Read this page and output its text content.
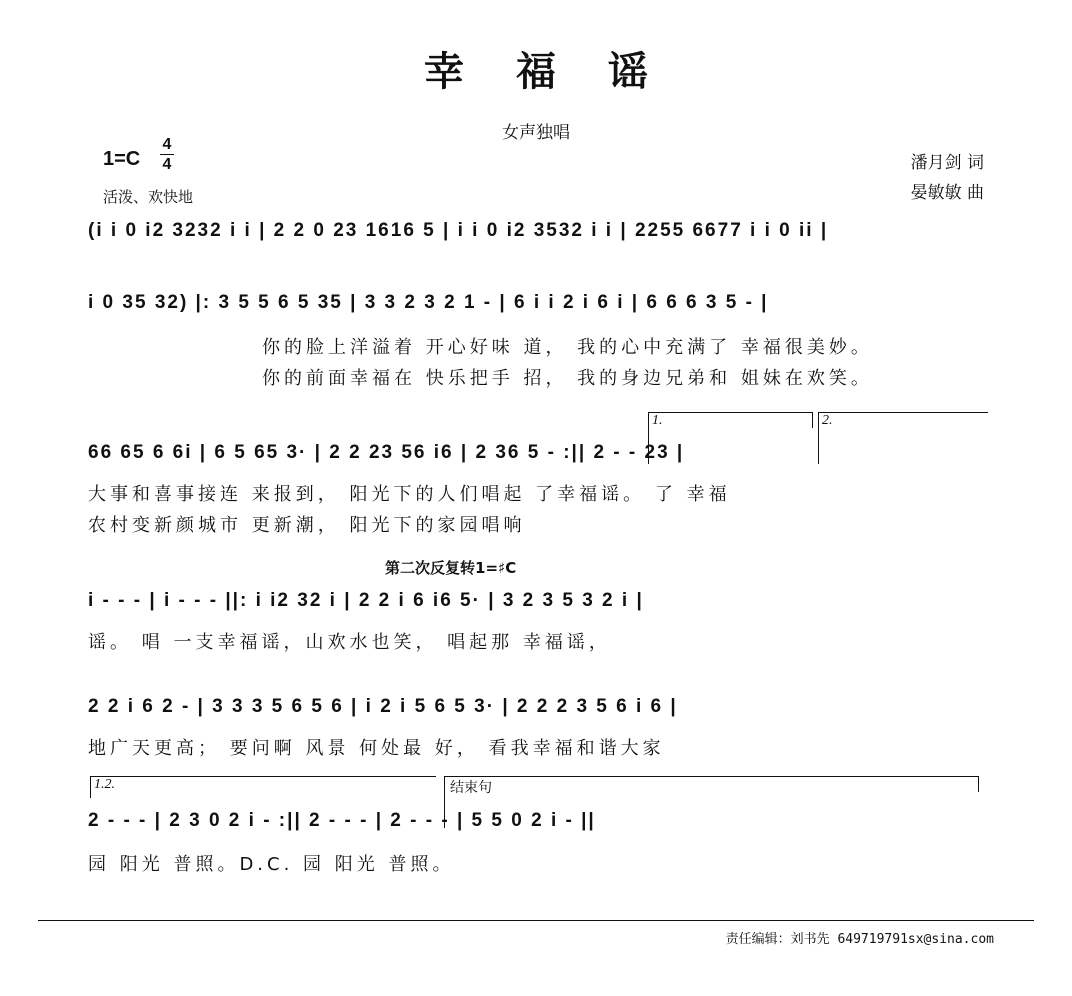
幸福谣
女声独唱
1=C
4
4
活泼、欢快地
潘月剑 词
晏敏敏 曲
(i i 0 i2 3232 i i | 2 2 0 23 1616 5 | i i 0 i2 3532 i i | 2255 6677 i i 0 ii |
i 0 35 32) |: 3 5 5 6 5 35 | 3 3 2 3 2 1 - | 6 i i 2 i 6 i | 6 6 6 3 5 - |
你的脸上洋溢着 开心好味 道， 我的心中充满了 幸福很美妙。
你的前面幸福在 快乐把手 招， 我的身边兄弟和 姐妹在欢笑。
1.	2.
66 65 6 6i | 6 5 65 3· | 2 2 23 56 i6 | 2 36 5 - :|| 2 - - 23 |
大事和喜事接连 来报到， 阳光下的人们唱起 了幸福谣。 了 幸福
农村变新颜城市 更新潮， 阳光下的家园唱响
第二次反复转1=♯C
i - - - | i - - - ||: i i2 32 i | 2 2 i 6 i6 5· | 3 2 3 5 3 2 i |
谣。 唱 一支幸福谣，山欢水也笑， 唱起那 幸福谣，
2 2 i 6 2 - | 3 3 3 5 6 5 6 | i 2 i 5 6 5 3· | 2 2 2 3 5 6 i 6 |
地广天更高； 要问啊 风景 何处最 好， 看我幸福和谐大家
1.2.	结束句
2 - - - | 2 3 0 2 i - :|| 2 - - - | 2 - - - | 5 5 0 2 i - ||
园 阳光 普照。D.C. 园 阳光 普照。
责任编辑：刘书先 649719791sx@sina.com
